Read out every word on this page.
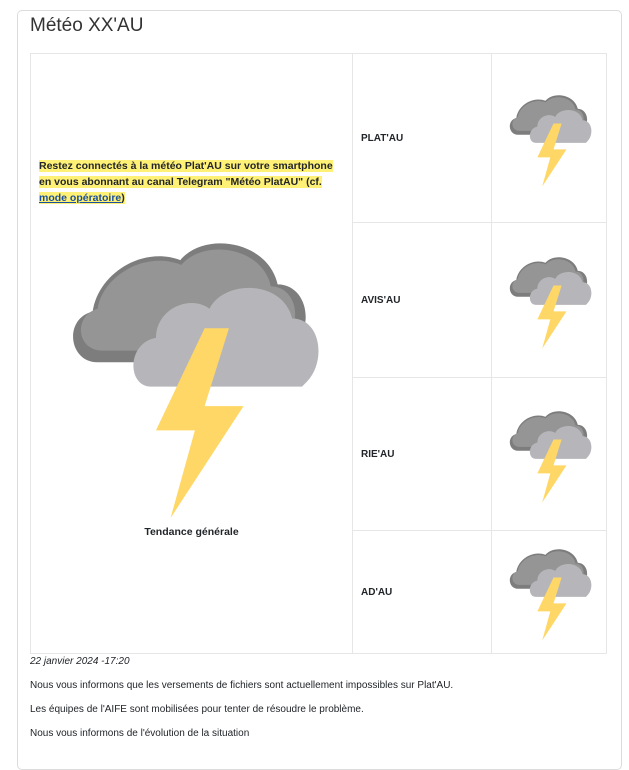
Météo XX'AU
Restez connectés à la météo Plat'AU sur votre smartphone en vous abonnant au canal Telegram "Météo PlatAU" (cf. mode opératoire)
Tendance générale	PLAT'AU	
	AVIS'AU	
	RIE'AU	
	AD'AU	
22 janvier 2024 -17:20
Nous vous informons que les versements de fichiers sont actuellement impossibles sur Plat'AU.
Les équipes de l'AIFE sont mobilisées pour tenter de résoudre le problème.
Nous vous informons de l'évolution de la situation
